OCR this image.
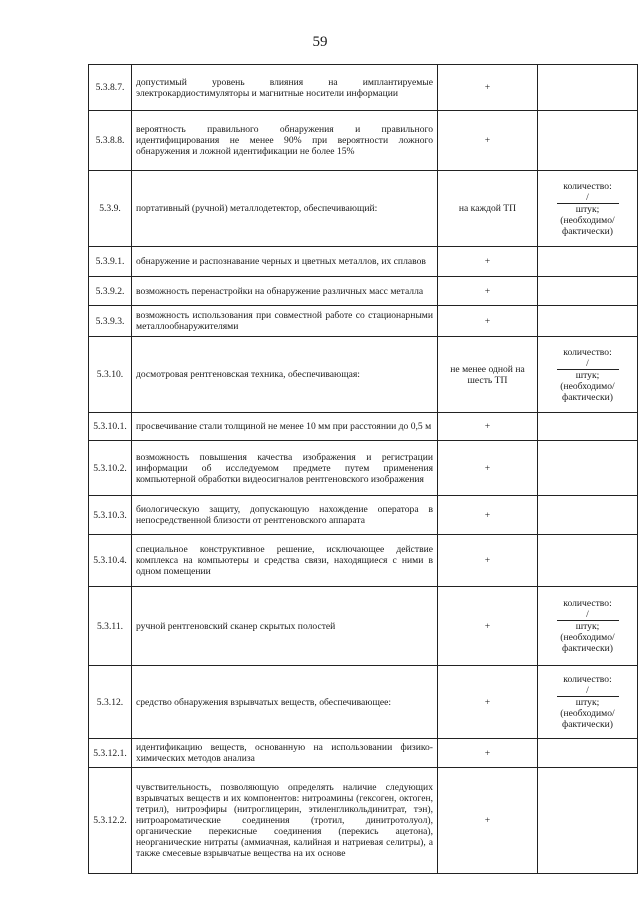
59
5.3.8.7.	допустимый уровень влияния на имплантируемые электрокардиостимуляторы и магнитные носители информации	+	
5.3.8.8.	вероятность правильного обнаружения и правильного идентифицирования не менее 90% при вероятности ложного обнаружения и ложной идентификации не более 15%	+	
5.3.9.	портативный (ручной) металлодетектор, обеспечивающий:	на каждой ТП	количество:
/
штук;
(необходимо/
фактически)

5.3.9.1.	обнаружение и распознавание черных и цветных металлов, их сплавов	+	
5.3.9.2.	возможность перенастройки на обнаружение различных масс металла	+	
5.3.9.3.	возможность использования при совместной работе со стационарными металлообнаружителями	+	
5.3.10.	досмотровая рентгеновская техника, обеспечивающая:	не менее одной на шесть ТП	количество:
/
штук;
(необходимо/
фактически)

5.3.10.1.	просвечивание стали толщиной не менее 10 мм при расстоянии до 0,5 м	+	
5.3.10.2.	возможность повышения качества изображения и регистрации информации об исследуемом предмете путем применения компьютерной обработки видеосигналов рентгеновского изображения	+	
5.3.10.3.	биологическую защиту, допускающую нахождение оператора в непосредственной близости от рентгеновского аппарата	+	
5.3.10.4.	специальное конструктивное решение, исключающее действие комплекса на компьютеры и средства связи, находящиеся с ними в одном помещении	+	
5.3.11.	ручной рентгеновский сканер скрытых полостей	+	количество:
/
штук;
(необходимо/
фактически)

5.3.12.	средство обнаружения взрывчатых веществ, обеспечивающее:	+	количество:
/
штук;
(необходимо/
фактически)

5.3.12.1.	идентификацию веществ, основанную на использовании физико-химических методов анализа	+	
5.3.12.2.	чувствительность, позволяющую определять наличие следующих взрывчатых веществ и их компонентов: нитроамины (гексоген, октоген, тетрил), нитроэфиры (нитроглицерин, этиленгликольдинитрат, тэн), нитроароматические соединения (тротил, динитротолуол), органические перекисные соединения (перекись ацетона), неорганические нитраты (аммиачная, калийная и натриевая селитры), а также смесевые взрывчатые вещества на их основе	+	
